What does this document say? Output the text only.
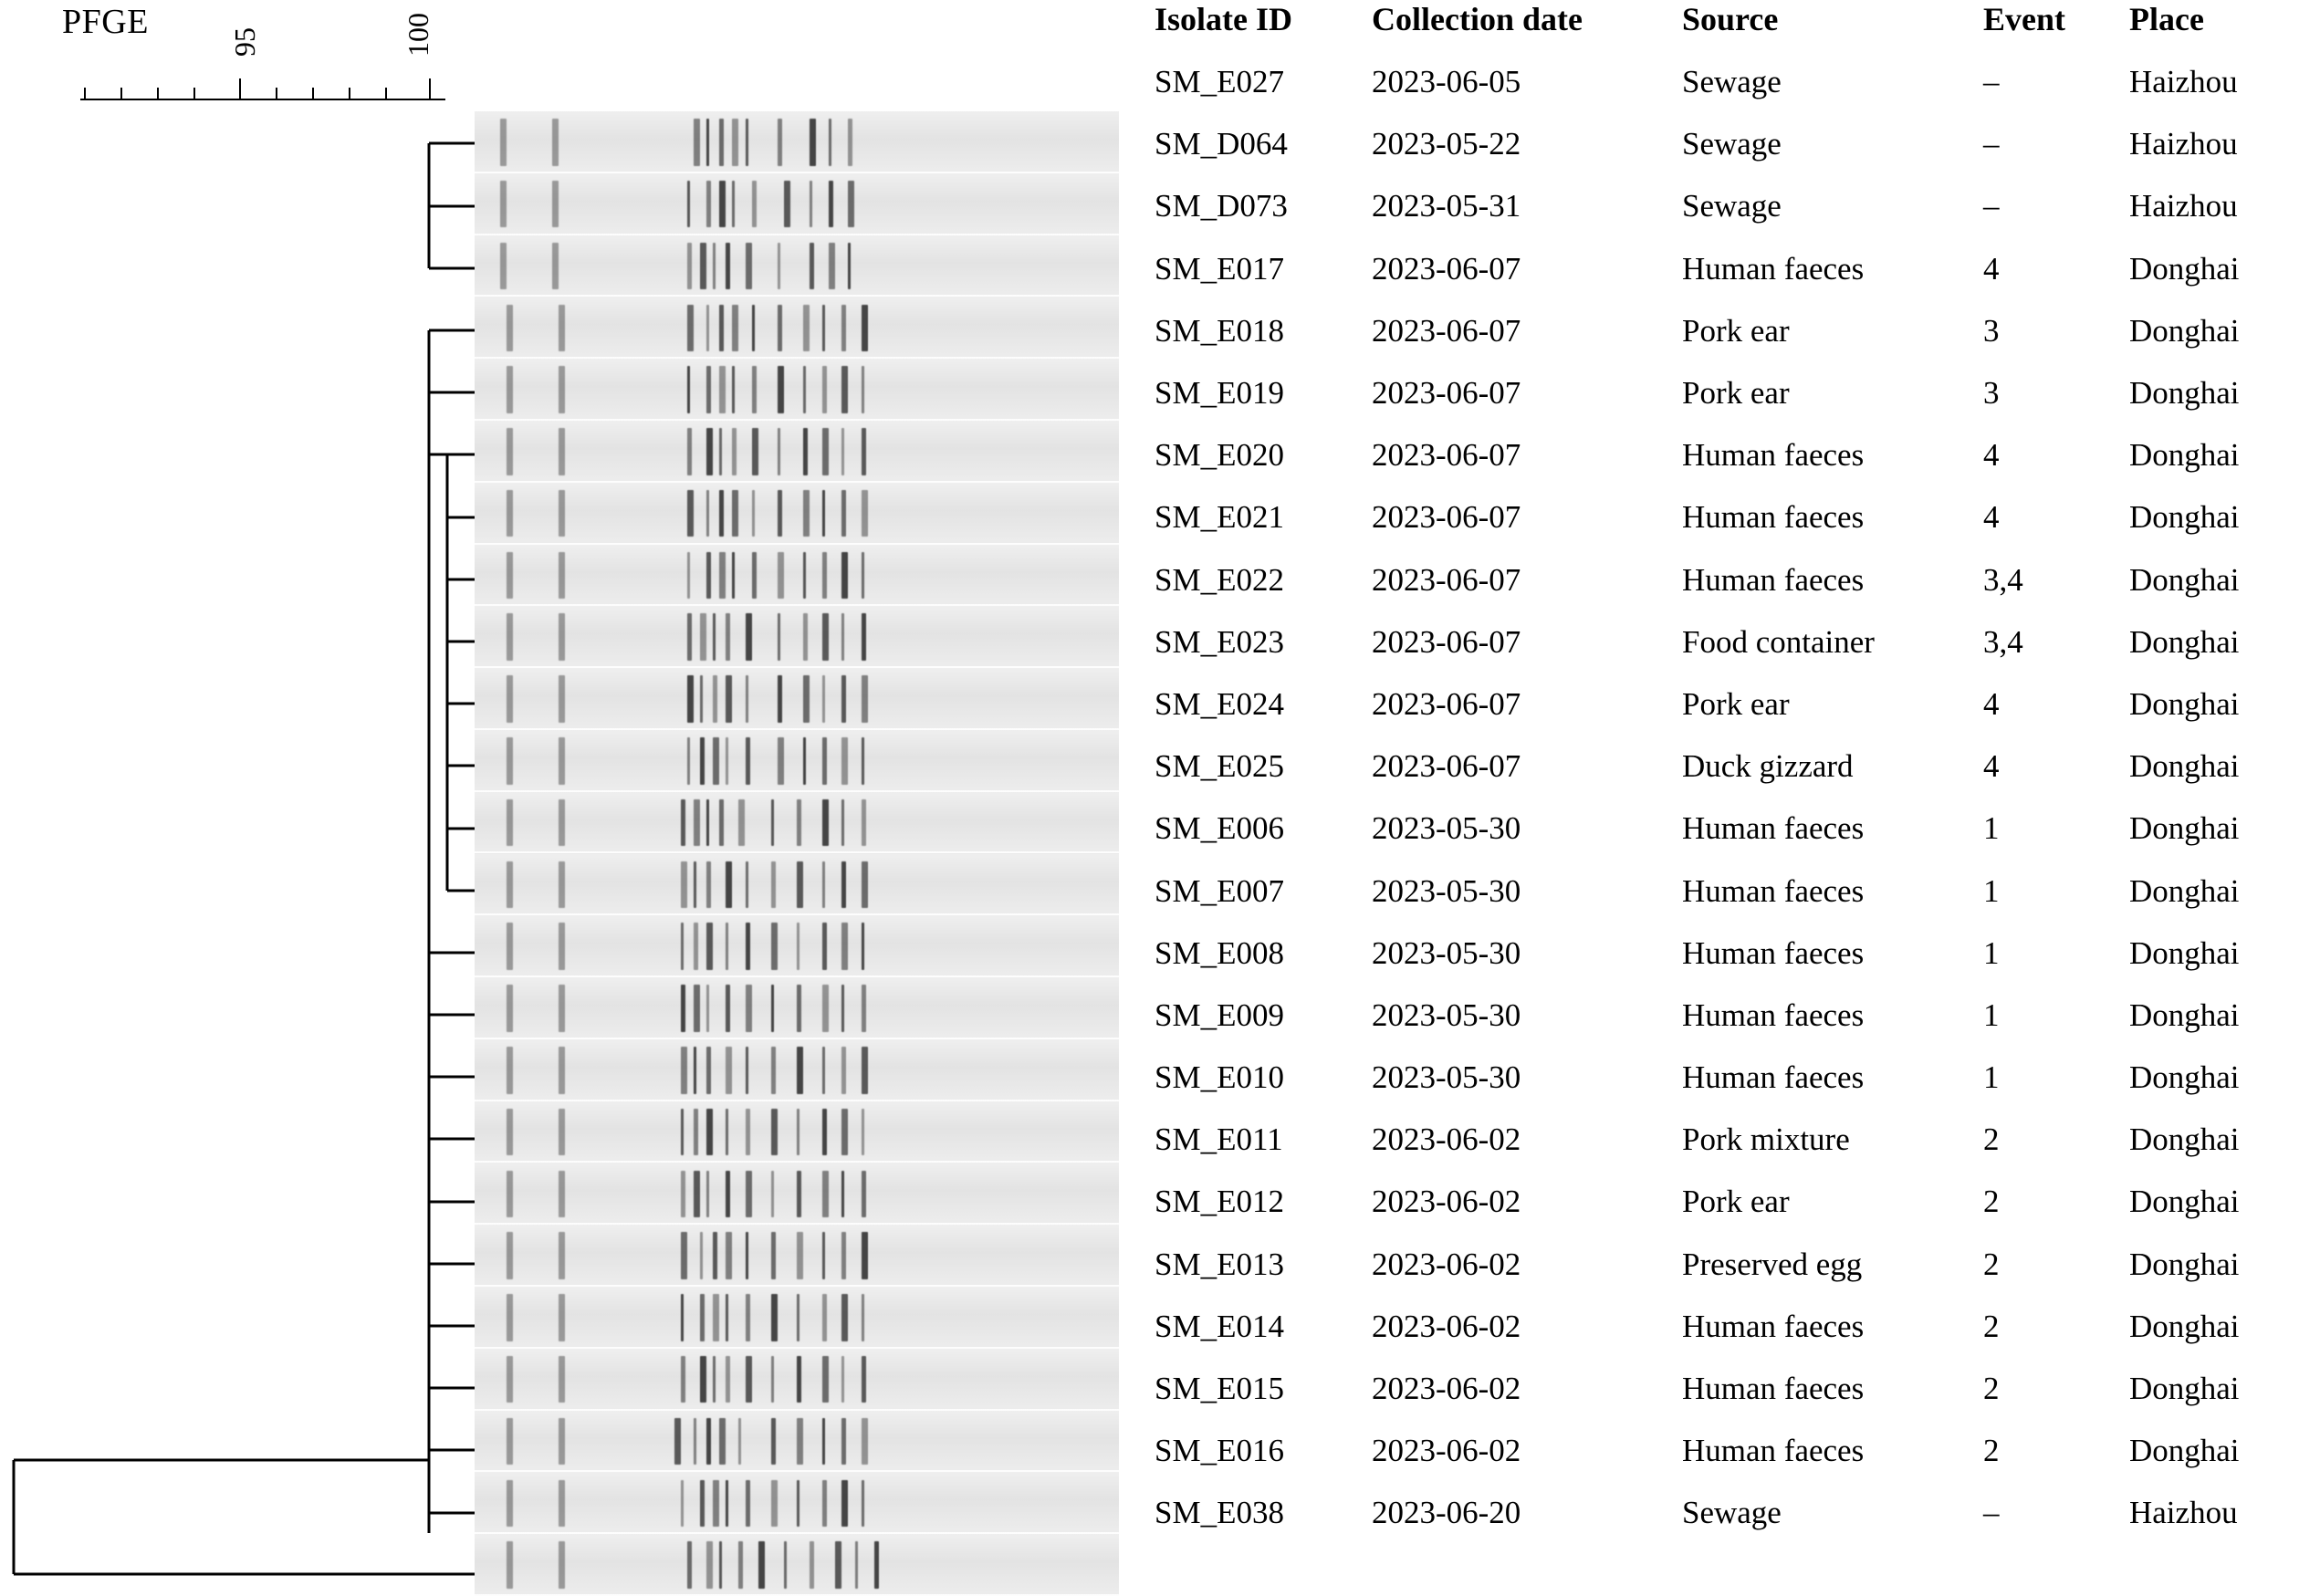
PFGE
95	100	Isolate ID	Collection date	Source	Event	Place
SM_E027	2023-06-05	Sewage	–	Haizhou
SM_D064	2023-05-22	Sewage	–	Haizhou
SM_D073	2023-05-31	Sewage	–	Haizhou
SM_E017	2023-06-07	Human faeces	4	Donghai
SM_E018	2023-06-07	Pork ear	3	Donghai
SM_E019	2023-06-07	Pork ear	3	Donghai
SM_E020	2023-06-07	Human faeces	4	Donghai
SM_E021	2023-06-07	Human faeces	4	Donghai
SM_E022	2023-06-07	Human faeces	3,4	Donghai
SM_E023	2023-06-07	Food container	3,4	Donghai
SM_E024	2023-06-07	Pork ear	4	Donghai
SM_E025	2023-06-07	Duck gizzard	4	Donghai
SM_E006	2023-05-30	Human faeces	1	Donghai
SM_E007	2023-05-30	Human faeces	1	Donghai
SM_E008	2023-05-30	Human faeces	1	Donghai
SM_E009	2023-05-30	Human faeces	1	Donghai
SM_E010	2023-05-30	Human faeces	1	Donghai
SM_E011	2023-06-02	Pork mixture	2	Donghai
SM_E012	2023-06-02	Pork ear	2	Donghai
SM_E013	2023-06-02	Preserved egg	2	Donghai
SM_E014	2023-06-02	Human faeces	2	Donghai
SM_E015	2023-06-02	Human faeces	2	Donghai
SM_E016	2023-06-02	Human faeces	2	Donghai
SM_E038	2023-06-20	Sewage	–	Haizhou
